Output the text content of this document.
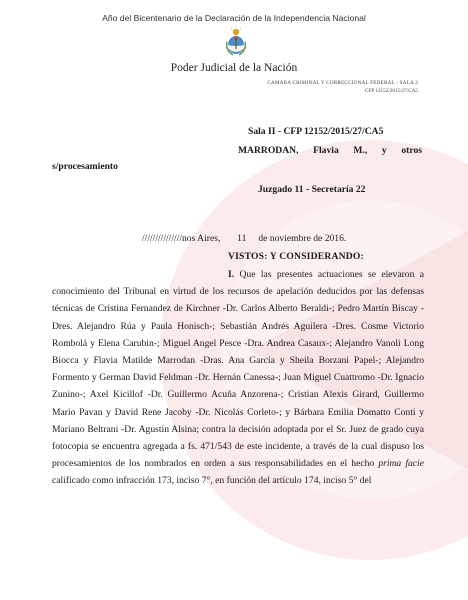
Año del Bicentenario de la Declaración de la Independencia Nacional
Poder Judicial de la Nación
CAMARA CRIMINAL Y CORRECCIONAL FEDERAL - SALA 2
CFP 12152/2015/27/CA5
Sala II - CFP 12152/2015/27/CA5
MARRODAN, Flavia M., y otros
s/procesamiento
Juzgado 11 - Secretaría 22
///////////////nos Aires,       11     de noviembre de 2016.
VISTOS: Y CONSIDERANDO:

I. Que las presentes actuaciones se elevaron a conocimiento del Tribunal en virtud de los recursos de apelación deducidos por las defensas técnicas de Cristina Fernandez de Kirchner -Dr. Carlos Alberto Beraldi-; Pedro Martín Biscay -Dres. Alejandro Rúa y Paula Honisch-; Sebastián Andrés Aguilera -Dres. Cosme Victorio Rombolá y Elena Carubin-; Miguel Angel Pesce -Dra. Andrea Casaux-; Alejandro Vanoli Long Biocca y Flavia Matilde Marrodan -Dras. Ana García y Sheila Borzani Papel-; Alejandro Formento y German David Feldman -Dr. Hernán Canessa-; Juan Miguel Cuattromo -Dr. Ignacio Zunino-; Axel Kicillof -Dr. Guillermo Acuña Anzorena-; Cristian Alexis Girard, Guillermo Mario Pavan y David Rene Jacoby -Dr. Nicolás Corleto-; y Bárbara Emilia Domatto Conti y Mariano Beltrani -Dr. Agustín Alsina; contra la decisión adoptada por el Sr. Juez de grado cuya fotocopia se encuentra agregada a fs. 471/543 de este incidente, a través de la cual dispuso los procesamientos de los nombrados en orden a sus responsabilidades en el hecho prima facie calificado como infracción 173, inciso 7°, en función del artículo 174, inciso 5° del
